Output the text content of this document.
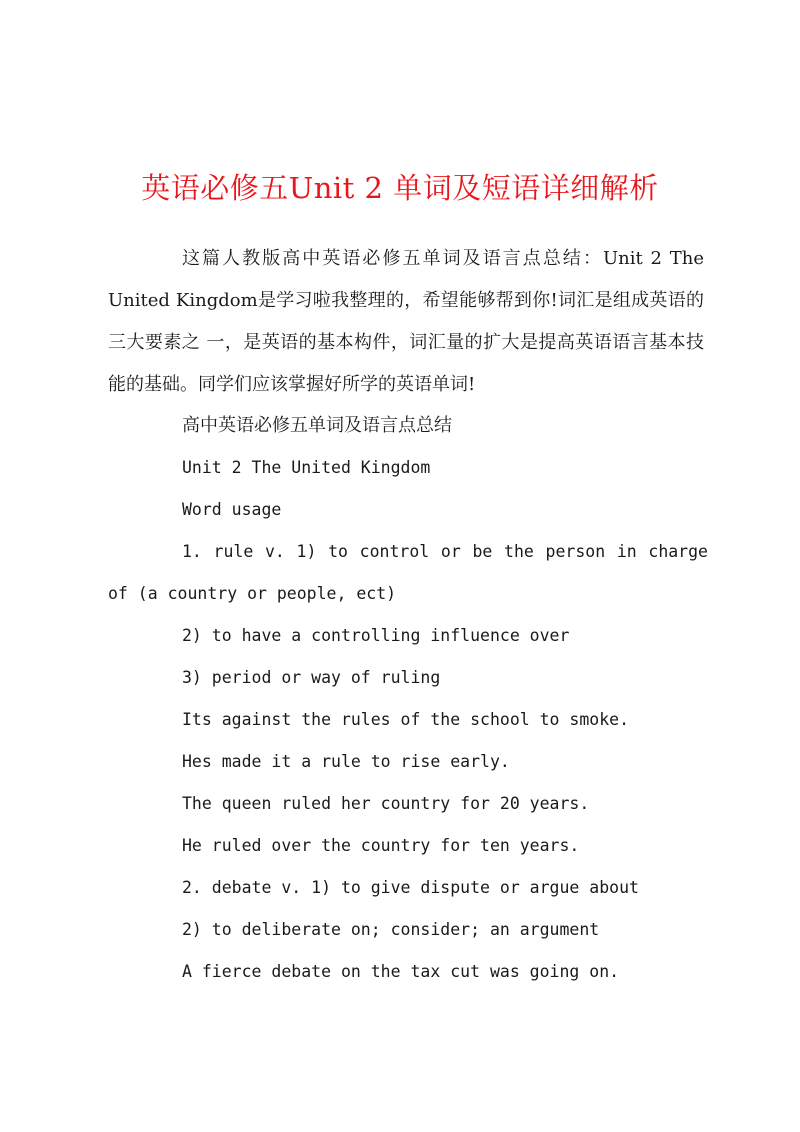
英语必修五Unit 2 单词及短语详细解析

这篇人教版高中英语必修五单词及语言点总结：Unit 2 The United Kingdom是学习啦我整理的，希望能够帮到你!词汇是组成英语的三大要素之 一，是英语的基本构件，词汇量的扩大是提高英语语言基本技能的基础。同学们应该掌握好所学的英语单词!

高中英语必修五单词及语言点总结

Unit 2 The United Kingdom

Word usage

1. rule v. 1) to control or be the person in charge of (a country or people, ect)

2) to have a controlling influence over

3) period or way of ruling

Its against the rules of the school to smoke.

Hes made it a rule to rise early.

The queen ruled her country for 20 years.

He ruled over the country for ten years.

2. debate v. 1) to give dispute or argue about

2) to deliberate on; consider; an argument

A fierce debate on the tax cut was going on.
